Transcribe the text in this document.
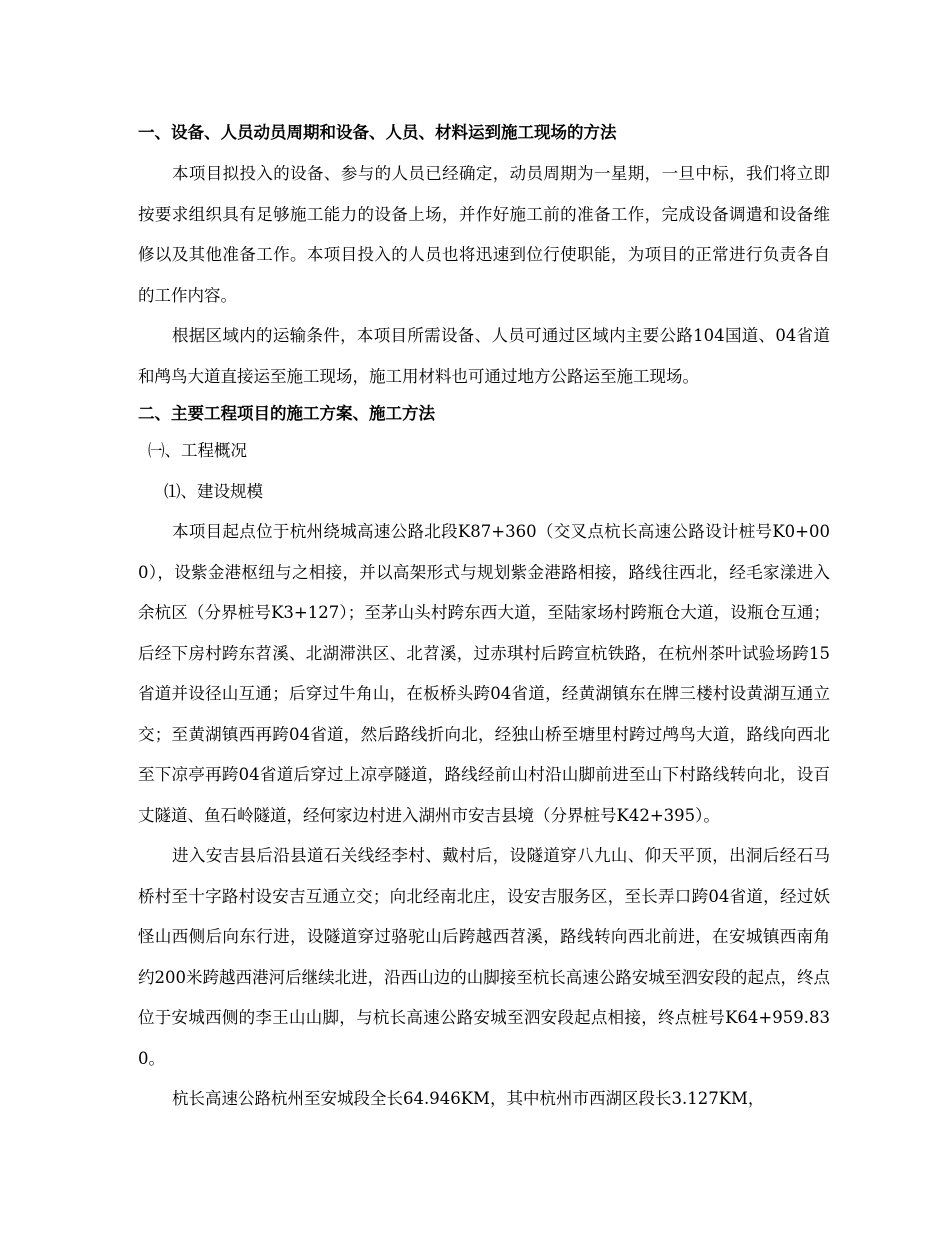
一、设备、人员动员周期和设备、人员、材料运到施工现场的方法

本项目拟投入的设备、参与的人员已经确定，动员周期为一星期，一旦中标，我们将立即按要求组织具有足够施工能力的设备上场，并作好施工前的准备工作，完成设备调遣和设备维修以及其他准备工作。本项目投入的人员也将迅速到位行使职能，为项目的正常进行负责各自的工作内容。

根据区域内的运输条件，本项目所需设备、人员可通过区域内主要公路104国道、04省道和鸬鸟大道直接运至施工现场，施工用材料也可通过地方公路运至施工现场。

二、主要工程项目的施工方案、施工方法

㈠、工程概况

⑴、建设规模

本项目起点位于杭州绕城高速公路北段K87+360（交叉点杭长高速公路设计桩号K0+000），设紫金港枢纽与之相接，并以高架形式与规划紫金港路相接，路线往西北，经毛家漾进入余杭区（分界桩号K3+127）；至茅山头村跨东西大道，至陆家场村跨瓶仓大道，设瓶仓互通；后经下房村跨东苕溪、北湖滞洪区、北苕溪，过赤琪村后跨宣杭铁路，在杭州茶叶试验场跨15省道并设径山互通；后穿过牛角山，在板桥头跨04省道，经黄湖镇东在牌三楼村设黄湖互通立交；至黄湖镇西再跨04省道，然后路线折向北，经独山桥至塘里村跨过鸬鸟大道，路线向西北至下凉亭再跨04省道后穿过上凉亭隧道，路线经前山村沿山脚前进至山下村路线转向北，设百丈隧道、鱼石岭隧道，经何家边村进入湖州市安吉县境（分界桩号K42+395）。

进入安吉县后沿县道石关线经李村、戴村后，设隧道穿八九山、仰天平顶，出洞后经石马桥村至十字路村设安吉互通立交；向北经南北庄，设安吉服务区，至长弄口跨04省道，经过妖怪山西侧后向东行进，设隧道穿过骆驼山后跨越西苕溪，路线转向西北前进，在安城镇西南角约200米跨越西港河后继续北进，沿西山边的山脚接至杭长高速公路安城至泗安段的起点，终点位于安城西侧的李王山山脚，与杭长高速公路安城至泗安段起点相接，终点桩号K64+959.830。

杭长高速公路杭州至安城段全长64.946KM，其中杭州市西湖区段长3.127KM，
